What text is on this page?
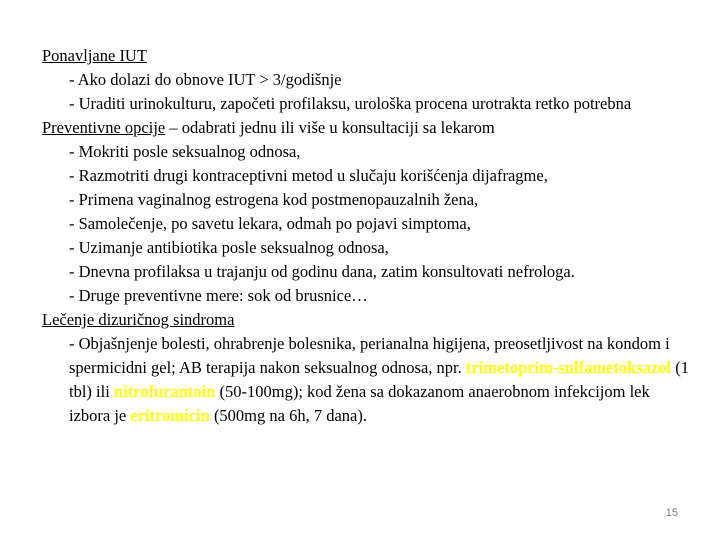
Ponavljane IUT

- Ako dolazi do obnove IUT > 3/godišnje

- Uraditi urinokulturu, započeti profilaksu, urološka procena urotrakta retko potrebna

Preventivne opcije – odabrati jednu ili više u konsultaciji sa lekarom

- Mokriti posle seksualnog odnosa,

- Razmotriti drugi kontraceptivni metod u slučaju korišćenja dijafragme,

- Primena vaginalnog estrogena kod postmenopauzalnih žena,

- Samolečenje, po savetu lekara, odmah po pojavi simptoma,

- Uzimanje antibiotika posle seksualnog odnosa,

- Dnevna profilaksa u trajanju od godinu dana, zatim konsultovati nefrologa.

- Druge preventivne mere: sok od brusnice…

Lečenje dizuričnog sindroma

- Objašnjenje bolesti, ohrabrenje bolesnika, perianalna higijena, preosetljivost na kondom i spermicidni gel; AB terapija nakon seksualnog odnosa, npr. trimetoprim-sulfametoksazol (1 tbl) ili nitrofurantoin (50-100mg); kod žena sa dokazanom anaerobnom infekcijom lek izbora je eritromicin (500mg na 6h, 7 dana).

15
